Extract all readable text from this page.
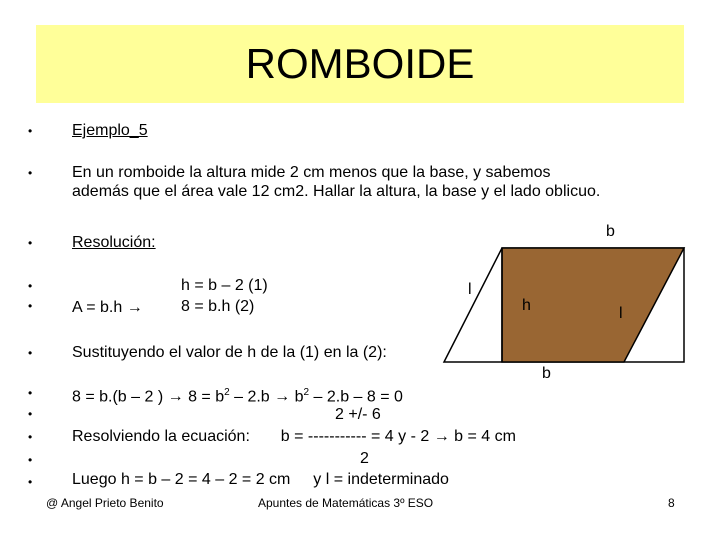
ROMBOIDE
•
•
•
•
•
•
•
•
•
•
•
Ejemplo_5
En un romboide la altura mide 2 cm menos que la base, y sabemos
además que el área vale 12 cm2. Hallar la altura, la base y el lado oblicuo.
Resolución:
A = b.h →
h = b – 2 (1)
8 = b.h (2)
Sustituyendo el valor de h de la (1) en la (2):
8 = b.(b – 2 ) → $8 = b^2 - 2.b \to b^2 - 2.b - 8 = 0$
2 +/- 6
Resolviendo la ecuación: b = ----------- = 4 y - 2 → b = 4 cm
2
Luego h = b – 2 = 4 – 2 = 2 cm y l = indeterminado
b
l
h	l
b
@ Angel Prieto Benito	Apuntes de Matemáticas 3º ESO	8
